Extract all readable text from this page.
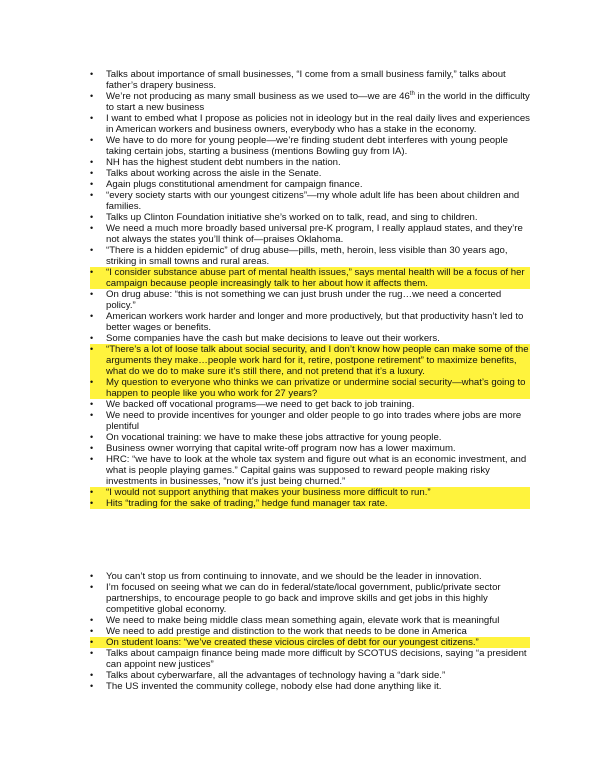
•	Talks about importance of small businesses, “I come from a small business family,” talks about father’s drapery business.
•	We’re not producing as many small business as we used to—we are 46th in the world in the difficulty to start a new business
•	I want to embed what I propose as policies not in ideology but in the real daily lives and experiences in American workers and business owners, everybody who has a stake in the economy.
•	We have to do more for young people—we’re finding student debt interferes with young people taking certain jobs, starting a business (mentions Bowling guy from IA).
•	NH has the highest student debt numbers in the nation.
•	Talks about working across the aisle in the Senate.
•	Again plugs constitutional amendment for campaign finance.
•	“every society starts with our youngest citizens”—my whole adult life has been about children and families.
•	Talks up Clinton Foundation initiative she’s worked on to talk, read, and sing to children.
•	We need a much more broadly based universal pre-K program, I really applaud states, and they’re not always the states you’ll think of—praises Oklahoma.
•	“There is a hidden epidemic” of drug abuse—pills, meth, heroin, less visible than 30 years ago, striking in small towns and rural areas.
•	“I consider substance abuse part of mental health issues,” says mental health will be a focus of her campaign because people increasingly talk to her about how it affects them.
•	On drug abuse: “this is not something we can just brush under the rug…we need a concerted policy.”
•	American workers work harder and longer and more productively, but that productivity hasn’t led to better wages or benefits.
•	Some companies have the cash but make decisions to leave out their workers.
•	“There’s a lot of loose talk about social security, and I don’t know how people can make some of the arguments they make…people work hard for it, retire, postpone retirement” to maximize benefits, what do we do to make sure it’s still there, and not pretend that it’s a luxury.
•	My question to everyone who thinks we can privatize or undermine social security—what’s going to happen to people like you who work for 27 years?
•	We backed off vocational programs—we need to get back to job training.
•	We need to provide incentives for younger and older people to go into trades where jobs are more plentiful
•	On vocational training: we have to make these jobs attractive for young people.
•	Business owner worrying that capital write-off program now has a lower maximum.
•	HRC: “we have to look at the whole tax system and figure out what is an economic investment, and what is people playing games.” Capital gains was supposed to reward people making risky investments in businesses, “now it’s just being churned.”
•	“I would not support anything that makes your business more difficult to run.”
•	Hits “trading for the sake of trading,” hedge fund manager tax rate.
•	You can’t stop us from continuing to innovate, and we should be the leader in innovation.
•	I’m focused on seeing what we can do in federal/state/local government, public/private sector partnerships, to encourage people to go back and improve skills and get jobs in this highly competitive global economy.
•	We need to make being middle class mean something again, elevate work that is meaningful
•	We need to add prestige and distinction to the work that needs to be done in America
•	On student loans: “we’ve created these vicious circles of debt for our youngest citizens.”
•	Talks about campaign finance being made more difficult by SCOTUS decisions, saying “a president can appoint new justices”
•	Talks about cyberwarfare, all the advantages of technology having a “dark side.”
•	The US invented the community college, nobody else had done anything like it.
